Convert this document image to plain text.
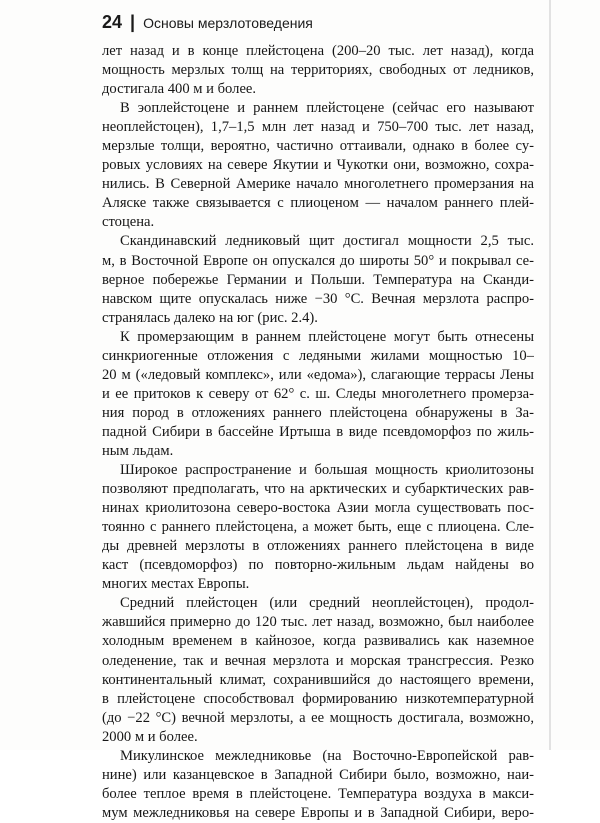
24 | Основы мерзлотоведения
лет назад и в конце плейстоцена (200–20 тыс. лет назад), когда
мощность мерзлых толщ на территориях, свободных от ледников,
достигала 400 м и более.
В эоплейстоцене и раннем плейстоцене (сейчас его называют
неоплейстоцен), 1,7–1,5 млн лет назад и 750–700 тыс. лет назад,
мерзлые толщи, вероятно, частично оттаивали, однако в более су-
ровых условиях на севере Якутии и Чукотки они, возможно, сохра-
нились. В Северной Америке начало многолетнего промерзания на
Аляске также связывается с плиоценом — началом раннего плей-
стоцена.
Скандинавский ледниковый щит достигал мощности 2,5 тыс.
м, в Восточной Европе он опускался до широты 50° и покрывал се-
верное побережье Германии и Польши. Температура на Сканди-
навском щите опускалась ниже −30 °С. Вечная мерзлота распро-
странялась далеко на юг (рис. 2.4).
К промерзающим в раннем плейстоцене могут быть отнесены
синкриогенные отложения с ледяными жилами мощностью 10–
20 м («ледовый комплекс», или «едома»), слагающие террасы Лены
и ее притоков к северу от 62° с. ш. Следы многолетнего промерза-
ния пород в отложениях раннего плейстоцена обнаружены в За-
падной Сибири в бассейне Иртыша в виде псевдоморфоз по жиль-
ным льдам.
Широкое распространение и большая мощность криолитозоны
позволяют предполагать, что на арктических и субарктических рав-
нинах криолитозона северо-востока Азии могла существовать пос-
тоянно с раннего плейстоцена, а может быть, еще с плиоцена. Сле-
ды древней мерзлоты в отложениях раннего плейстоцена в виде
каст (псевдоморфоз) по повторно-жильным льдам найдены во
многих местах Европы.
Средний плейстоцен (или средний неоплейстоцен), продол-
жавшийся примерно до 120 тыс. лет назад, возможно, был наиболее
холодным временем в кайнозое, когда развивались как наземное
оледенение, так и вечная мерзлота и морская трансгрессия. Резко
континентальный климат, сохранившийся до настоящего времени,
в плейстоцене способствовал формированию низкотемпературной
(до −22 °С) вечной мерзлоты, а ее мощность достигала, возможно,
2000 м и более.
Микулинское межледниковье (на Восточно-Европейской рав-
нине) или казанцевское в Западной Сибири было, возможно, наи-
более теплое время в плейстоцене. Температура воздуха в макси-
мум межледниковья на севере Европы и в Западной Сибири, веро-
